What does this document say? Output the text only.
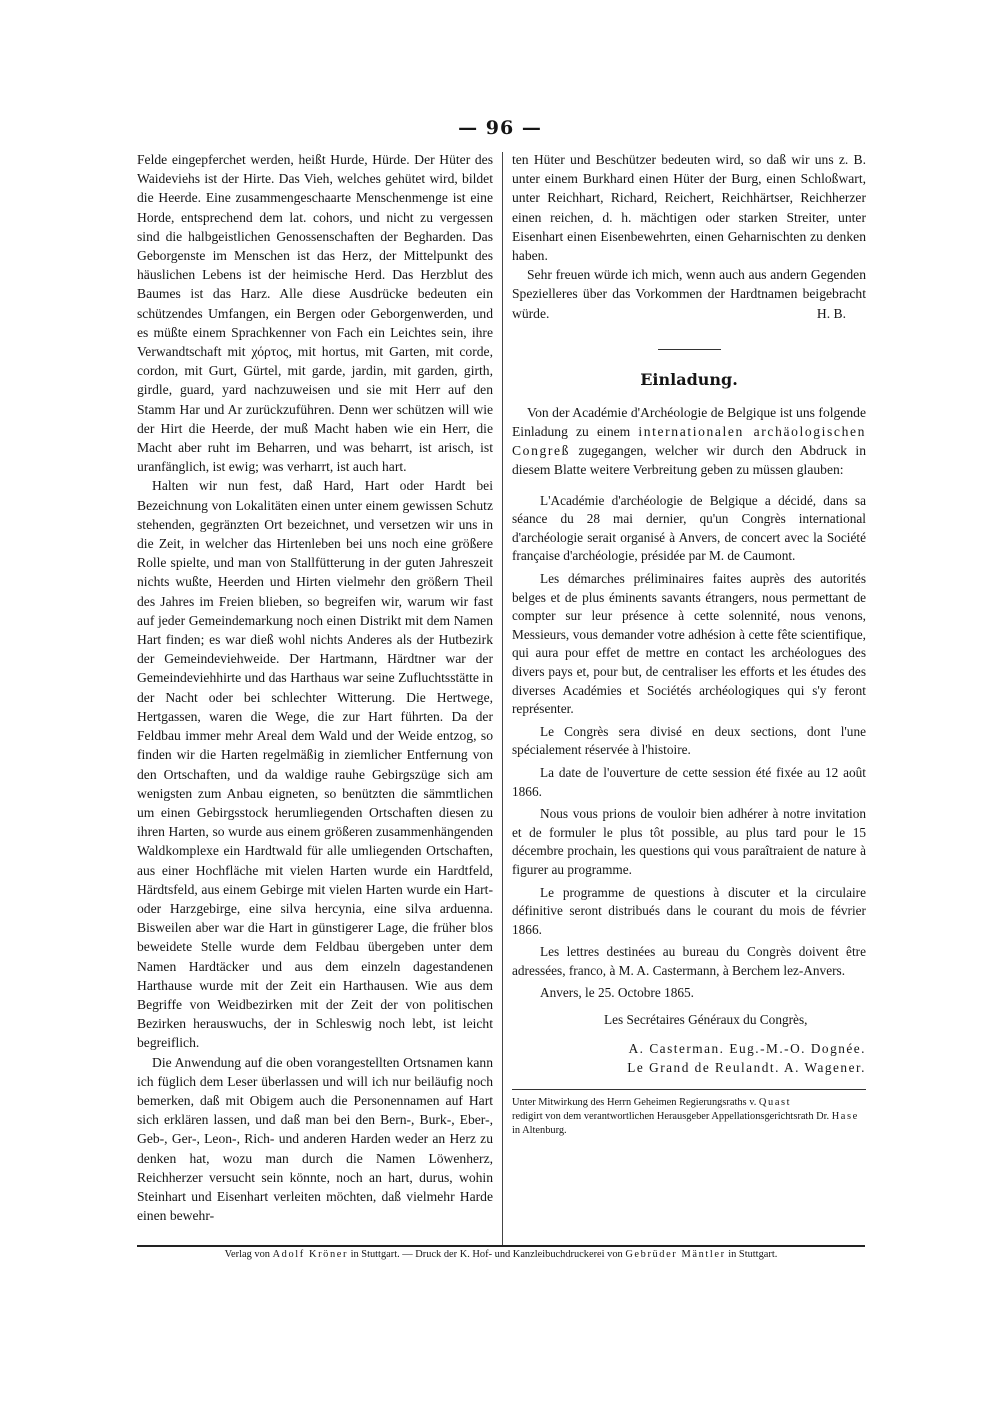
— 96 —

Felde eingepferchet werden, heißt Hurde, Hürde. Der Hüter des Waideviehs ist der Hirte. Das Vieh, welches gehütet wird, bildet die Heerde. Eine zusammengeschaarte Menschenmenge ist eine Horde, entsprechend dem lat. cohors, und nicht zu vergessen sind die halbgeistlichen Genossenschaften der Begharden. Das Geborgenste im Menschen ist das Herz, der Mittelpunkt des häuslichen Lebens ist der heimische Herd. Das Herzblut des Baumes ist das Harz. Alle diese Ausdrücke bedeuten ein schützendes Umfangen, ein Bergen oder Geborgenwerden, und es müßte einem Sprachkenner von Fach ein Leichtes sein, ihre Verwandtschaft mit χόρτος, mit hortus, mit Garten, mit corde, cordon, mit Gurt, Gürtel, mit garde, jardin, mit garden, girth, girdle, guard, yard nachzuweisen und sie mit Herr auf den Stamm Har und Ar zurückzuführen. Denn wer schützen will wie der Hirt die Heerde, der muß Macht haben wie ein Herr, die Macht aber ruht im Beharren, und was beharrt, ist arisch, ist uranfänglich, ist ewig; was verharrt, ist auch hart.

Halten wir nun fest, daß Hard, Hart oder Hardt bei Bezeichnung von Lokalitäten einen unter einem gewissen Schutz stehenden, gegränzten Ort bezeichnet, und versetzen wir uns in die Zeit, in welcher das Hirtenleben bei uns noch eine größere Rolle spielte, und man von Stallfütterung in der guten Jahreszeit nichts wußte, Heerden und Hirten vielmehr den größern Theil des Jahres im Freien blieben, so begreifen wir, warum wir fast auf jeder Gemeindemarkung noch einen Distrikt mit dem Namen Hart finden; es war dieß wohl nichts Anderes als der Hutbezirk der Gemeindeviehweide. Der Hartmann, Härdtner war der Gemeindeviehhirte und das Harthaus war seine Zufluchtsstätte in der Nacht oder bei schlechter Witterung. Die Hertwege, Hertgassen, waren die Wege, die zur Hart führten. Da der Feldbau immer mehr Areal dem Wald und der Weide entzog, so finden wir die Harten regelmäßig in ziemlicher Entfernung von den Ortschaften, und da waldige rauhe Gebirgszüge sich am wenigsten zum Anbau eigneten, so benützten die sämmtlichen um einen Gebirgsstock herumliegenden Ortschaften diesen zu ihren Harten, so wurde aus einem größeren zusammenhängenden Waldkomplexe ein Hardtwald für alle umliegenden Ortschaften, aus einer Hochfläche mit vielen Harten wurde ein Hardtfeld, Härdtsfeld, aus einem Gebirge mit vielen Harten wurde ein Hart- oder Harzgebirge, eine silva hercynia, eine silva arduenna. Bisweilen aber war die Hart in günstigerer Lage, die früher blos beweidete Stelle wurde dem Feldbau übergeben unter dem Namen Hardtäcker und aus dem einzeln dagestandenen Harthause wurde mit der Zeit ein Harthausen. Wie aus dem Begriffe von Weidbezirken mit der Zeit der von politischen Bezirken herauswuchs, der in Schleswig noch lebt, ist leicht begreiflich.

Die Anwendung auf die oben vorangestellten Ortsnamen kann ich füglich dem Leser überlassen und will ich nur beiläufig noch bemerken, daß mit Obigem auch die Personennamen auf Hart sich erklären lassen, und daß man bei den Bern-, Burk-, Eber-, Geb-, Ger-, Leon-, Rich- und anderen Harden weder an Herz zu denken hat, wozu man durch die Namen Löwenherz, Reichherzer versucht sein könnte, noch an hart, durus, wohin Steinhart und Eisenhart verleiten möchten, daß vielmehr Harde einen bewehr-

ten Hüter und Beschützer bedeuten wird, so daß wir uns z. B. unter einem Burkhard einen Hüter der Burg, einen Schloßwart, unter Reichhart, Richard, Reichert, Reichhärtser, Reichherzer einen reichen, d. h. mächtigen oder starken Streiter, unter Eisenhart einen Eisenbewehrten, einen Geharnischten zu denken haben.

Sehr freuen würde ich mich, wenn auch aus andern Gegenden Spezielleres über das Vorkommen der Hardtnamen beigebracht würde.	H. B.

Einladung.

Von der Académie d'Archéologie de Belgique ist uns folgende Einladung zu einem internationalen archäologischen Congreß zugegangen, welcher wir durch den Abdruck in diesem Blatte weitere Verbreitung geben zu müssen glauben:

L'Académie d'archéologie de Belgique a décidé, dans sa séance du 28 mai dernier, qu'un Congrès international d'archéologie serait organisé à Anvers, de concert avec la Société française d'archéologie, présidée par M. de Caumont.

Les démarches préliminaires faites auprès des autorités belges et de plus éminents savants étrangers, nous permettant de compter sur leur présence à cette solennité, nous venons, Messieurs, vous demander votre adhésion à cette fête scientifique, qui aura pour effet de mettre en contact les archéologues des divers pays et, pour but, de centraliser les efforts et les études des diverses Académies et Sociétés archéologiques qui s'y feront représenter.

Le Congrès sera divisé en deux sections, dont l'une spécialement réservée à l'histoire.

La date de l'ouverture de cette session été fixée au 12 août 1866.

Nous vous prions de vouloir bien adhérer à notre invitation et de formuler le plus tôt possible, au plus tard pour le 15 décembre prochain, les questions qui vous paraîtraient de nature à figurer au programme.

Le programme de questions à discuter et la circulaire définitive seront distribués dans le courant du mois de février 1866.

Les lettres destinées au bureau du Congrès doivent être adressées, franco, à M. A. Castermann, à Berchem lez-Anvers.

Anvers, le 25. Octobre 1865.

Les Secrétaires Généraux du Congrès,

A. Casterman. Eug.-M.-O. Dognée.

Le Grand de Reulandt. A. Wagener.

Unter Mitwirkung des Herrn Geheimen Regierungsraths v. Quast

redigirt von dem verantwortlichen Herausgeber Appellationsgerichtsrath Dr. Hase in Altenburg.

Verlag von Adolf Kröner in Stuttgart. — Druck der K. Hof- und Kanzleibuchdruckerei von Gebrüder Mäntler in Stuttgart.
